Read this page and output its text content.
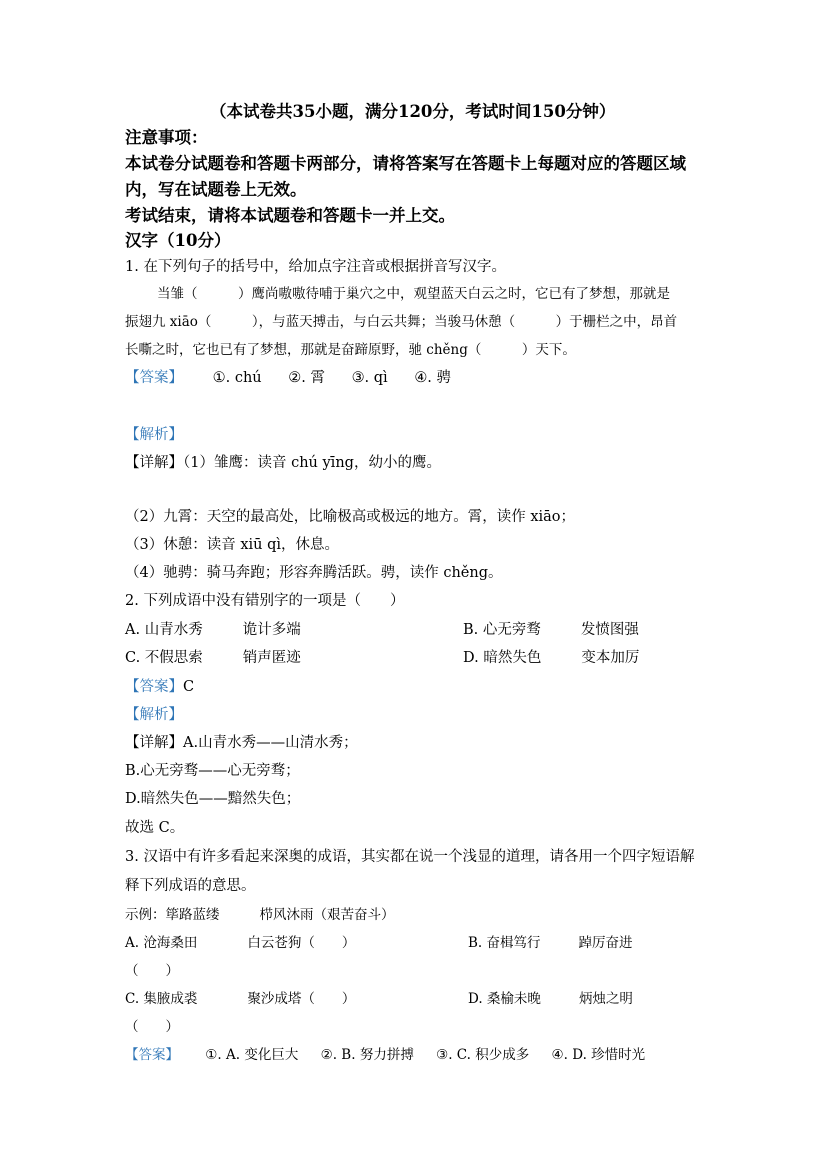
（本试卷共35小题，满分120分，考试时间150分钟）
注意事项：
本试卷分试题卷和答题卡两部分，请将答案写在答题卡上每题对应的答题区域
内，写在试题卷上无效。
考试结束，请将本试题卷和答题卡一并上交。
汉字（10分）
1. 在下列句子的括号中，给加点字注音或根据拼音写汉字。
当雏（　　　）鹰尚嗷嗷待哺于巢穴之中，观望蓝天白云之时，它已有了梦想，那就是
振翅九 xiāo（　　　），与蓝天搏击，与白云共舞；当骏马休憩（　　　）于栅栏之中，昂首
长嘶之时，它也已有了梦想，那就是奋蹄原野，驰 chěng（　　　）天下。
【答案】 ①. chú ②. 霄 ③. qì ④. 骋
【解析】
【详解】（1）雏鹰：读音 chú yīng，幼小的鹰。
（2）九霄：天空的最高处，比喻极高或极远的地方。霄，读作 xiāo；
（3）休憩：读音 xiū qì，休息。
（4）驰骋：骑马奔跑；形容奔腾活跃。骋，读作 chěng。
2. 下列成语中没有错别字的一项是（　　）
A. 山青水秀	诡计多端	B. 心无旁骛	发愤图强
C. 不假思索	销声匿迹	D. 暗然失色	变本加厉
【答案】C
【解析】
【详解】A.山青水秀——山清水秀；
B.心无旁骛——心无旁骛；
D.暗然失色——黯然失色；
故选 C。
3. 汉语中有许多看起来深奥的成语，其实都在说一个浅显的道理，请各用一个四字短语解
释下列成语的意思。
示例：筚路蓝缕	栉风沐雨（艰苦奋斗）
A. 沧海桑田	白云苍狗（　　）	B. 奋楫笃行	踔厉奋进
（　　）
C. 集腋成裘	聚沙成塔（　　）	D. 桑榆未晚	炳烛之明
（　　）
【答案】 ①. A. 变化巨大 ②. B. 努力拼搏 ③. C. 积少成多 ④. D. 珍惜时光
